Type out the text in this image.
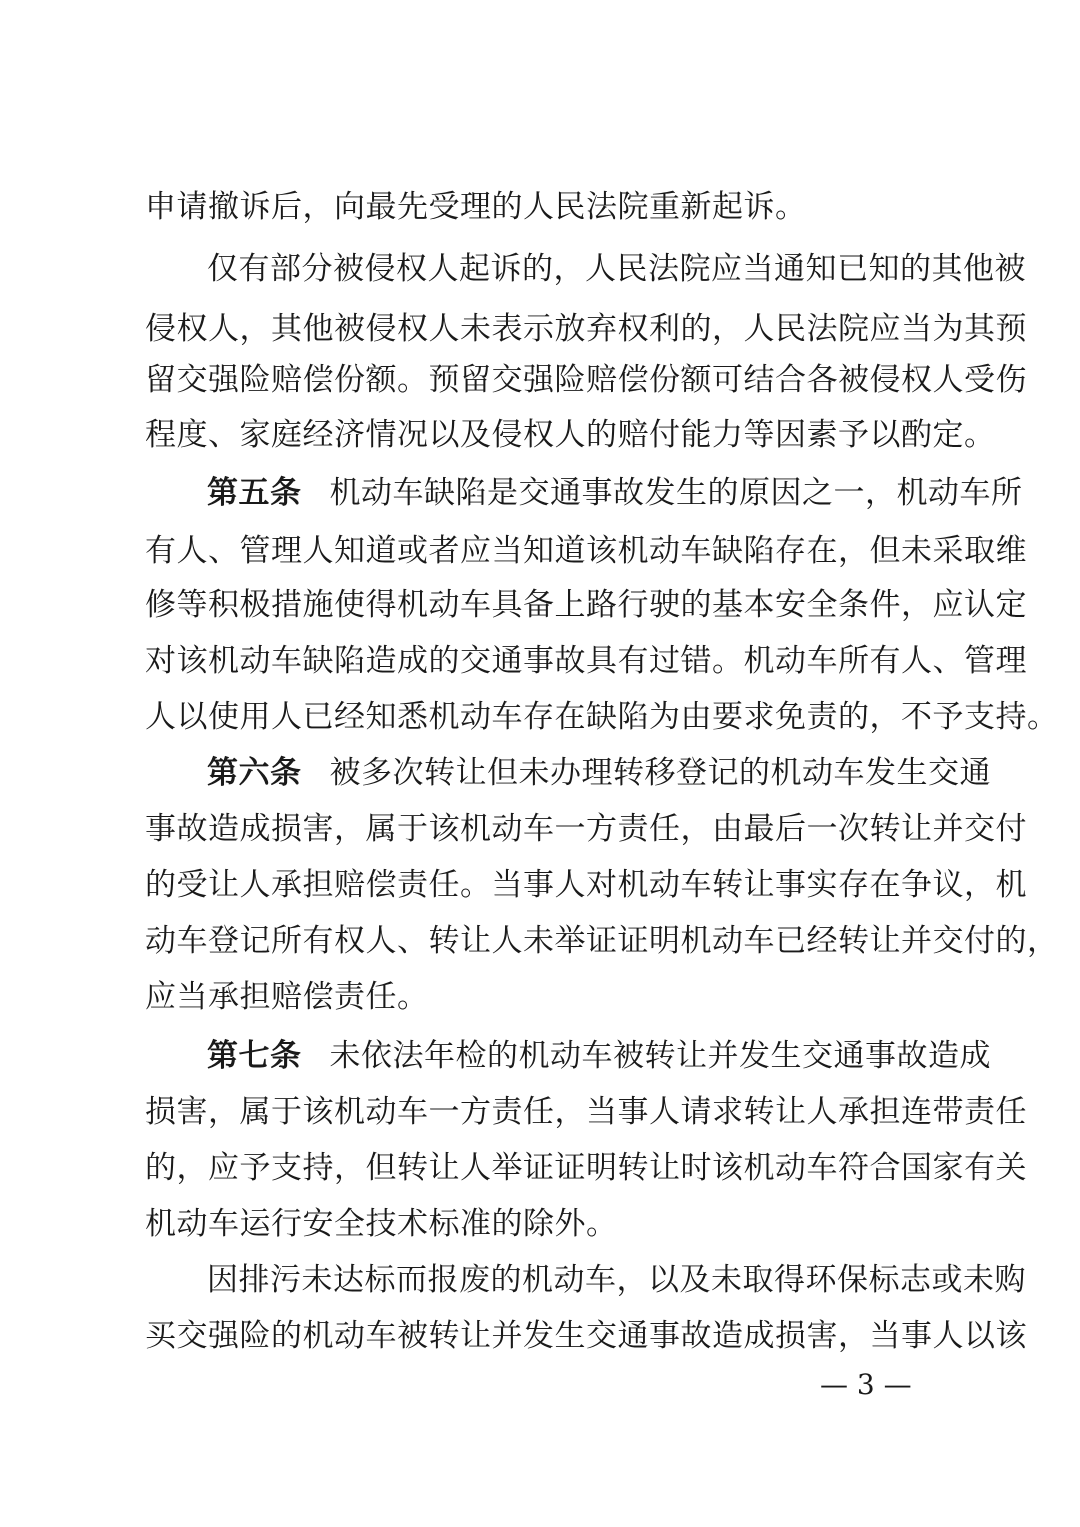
申请撤诉后，向最先受理的人民法院重新起诉。
仅有部分被侵权人起诉的，人民法院应当通知已知的其他被
侵权人，其他被侵权人未表示放弃权利的，人民法院应当为其预
留交强险赔偿份额。预留交强险赔偿份额可结合各被侵权人受伤
程度、家庭经济情况以及侵权人的赔付能力等因素予以酌定。
第五条 机动车缺陷是交通事故发生的原因之一，机动车所
有人、管理人知道或者应当知道该机动车缺陷存在，但未采取维
修等积极措施使得机动车具备上路行驶的基本安全条件，应认定
对该机动车缺陷造成的交通事故具有过错。机动车所有人、管理
人以使用人已经知悉机动车存在缺陷为由要求免责的，不予支持。
第六条 被多次转让但未办理转移登记的机动车发生交通
事故造成损害，属于该机动车一方责任，由最后一次转让并交付
的受让人承担赔偿责任。当事人对机动车转让事实存在争议，机
动车登记所有权人、转让人未举证证明机动车已经转让并交付的，
应当承担赔偿责任。
第七条 未依法年检的机动车被转让并发生交通事故造成
损害，属于该机动车一方责任，当事人请求转让人承担连带责任
的，应予支持，但转让人举证证明转让时该机动车符合国家有关
机动车运行安全技术标准的除外。
因排污未达标而报废的机动车，以及未取得环保标志或未购
买交强险的机动车被转让并发生交通事故造成损害，当事人以该
— 3 —
